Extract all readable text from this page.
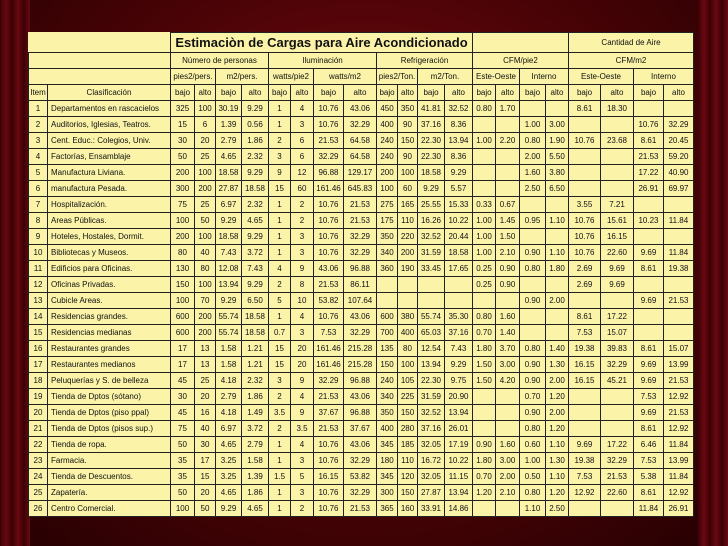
		Estimaciòn de Cargas para Aire Acondicionado																Cantidad de Aire			
		Número de personas				Iluminación				Refrigeración				CFM/pie2				CFM/m2			
		pies2/pers.		m2/pers.		watts/pie2		watts/m2		pies2/Ton.		m2/Ton.		Este-Oeste		Interno		Este-Oeste		Interno	
Item	Clasificación	bajo	alto	bajo	alto	bajo	alto	bajo	alto	bajo	alto	bajo	alto	bajo	alto	bajo	alto	bajo	alto	bajo	alto
1	Departamentos en rascacielos	325	100	30.19	9.29	1	4	10.76	43.06	450	350	41.81	32.52	0.80	1.70			8.61	18.30		
2	Auditorios, Iglesias, Teatros.	15	6	1.39	0.56	1	3	10.76	32.29	400	90	37.16	8.36			1.00	3.00			10.76	32.29
3	Cent. Educ.: Colegios, Univ.	30	20	2.79	1.86	2	6	21.53	64.58	240	150	22.30	13.94	1.00	2.20	0.80	1.90	10.76	23.68	8.61	20.45
4	Factorías, Ensamblaje	50	25	4.65	2.32	3	6	32.29	64.58	240	90	22.30	8.36			2.00	5.50			21.53	59.20
5	Manufactura Liviana.	200	100	18.58	9.29	9	12	96.88	129.17	200	100	18.58	9.29			1.60	3.80			17.22	40.90
6	manufactura Pesada.	300	200	27.87	18.58	15	60	161.46	645.83	100	60	9.29	5.57			2.50	6.50			26.91	69.97
7	Hospitalización.	75	25	6.97	2.32	1	2	10.76	21.53	275	165	25.55	15.33	0.33	0.67			3.55	7.21		
8	Areas Públicas.	100	50	9.29	4.65	1	2	10.76	21.53	175	110	16.26	10.22	1.00	1.45	0.95	1.10	10.76	15.61	10.23	11.84
9	Hoteles, Hostales, Dormit.	200	100	18.58	9.29	1	3	10.76	32.29	350	220	32.52	20.44	1.00	1.50			10.76	16.15		
10	Bibliotecas y Museos.	80	40	7.43	3.72	1	3	10.76	32.29	340	200	31.59	18.58	1.00	2.10	0.90	1.10	10.76	22.60	9.69	11.84
11	Edificios para Oficinas.	130	80	12.08	7.43	4	9	43.06	96.88	360	190	33.45	17.65	0.25	0.90	0.80	1.80	2.69	9.69	8.61	19.38
12	Oficinas Privadas.	150	100	13.94	9.29	2	8	21.53	86.11					0.25	0.90			2.69	9.69		
13	Cubicle Areas.	100	70	9.29	6.50	5	10	53.82	107.64							0.90	2.00			9.69	21.53
14	Residencias grandes.	600	200	55.74	18.58	1	4	10.76	43.06	600	380	55.74	35.30	0.80	1.60			8.61	17.22		
15	Residencias medianas	600	200	55.74	18.58	0.7	3	7.53	32.29	700	400	65.03	37.16	0.70	1.40			7.53	15.07		
16	Restaurantes grandes	17	13	1.58	1.21	15	20	161.46	215.28	135	80	12.54	7.43	1.80	3.70	0.80	1.40	19.38	39.83	8.61	15.07
17	Restaurantes medianos	17	13	1.58	1.21	15	20	161.46	215.28	150	100	13.94	9.29	1.50	3.00	0.90	1.30	16.15	32.29	9.69	13.99
18	Peluquerías y S. de belleza	45	25	4.18	2.32	3	9	32.29	96.88	240	105	22.30	9.75	1.50	4.20	0.90	2.00	16.15	45.21	9.69	21.53
19	Tienda de Dptos (sótano)	30	20	2.79	1.86	2	4	21.53	43.06	340	225	31.59	20.90			0.70	1.20			7.53	12.92
20	Tienda de Dptos (piso ppal)	45	16	4.18	1.49	3.5	9	37.67	96.88	350	150	32.52	13.94			0.90	2.00			9.69	21.53
21	Tienda de Dptos (pisos sup.)	75	40	6.97	3.72	2	3.5	21.53	37.67	400	280	37.16	26.01			0.80	1.20			8.61	12.92
22	Tienda de ropa.	50	30	4.65	2.79	1	4	10.76	43.06	345	185	32.05	17.19	0.90	1.60	0.60	1.10	9.69	17.22	6.46	11.84
23	Farmacia.	35	17	3.25	1.58	1	3	10.76	32.29	180	110	16.72	10.22	1.80	3.00	1.00	1.30	19.38	32.29	7.53	13.99
24	Tienda de Descuentos.	35	15	3.25	1.39	1.5	5	16.15	53.82	345	120	32.05	11.15	0.70	2.00	0.50	1.10	7.53	21.53	5.38	11.84
25	Zapatería.	50	20	4.65	1.86	1	3	10.76	32.29	300	150	27.87	13.94	1.20	2.10	0.80	1.20	12.92	22.60	8.61	12.92
26	Centro Comercial.	100	50	9.29	4.65	1	2	10.76	21.53	365	160	33.91	14.86			1.10	2.50			11.84	26.91
